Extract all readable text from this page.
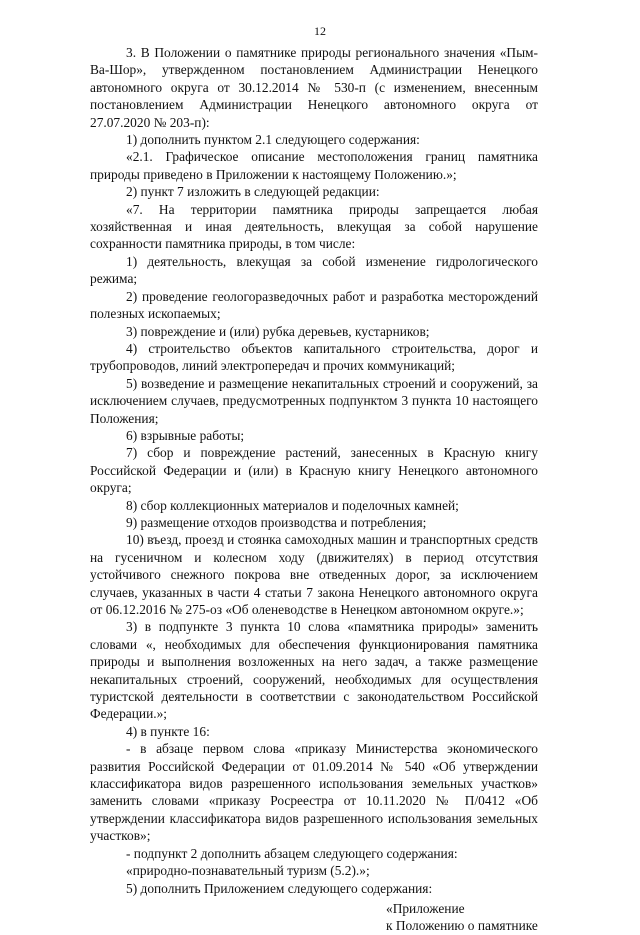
12

3. В Положении о памятнике природы регионального значения «Пым-Ва-Шор», утвержденном постановлением Администрации Ненецкого автономного округа от 30.12.2014 № 530-п (с изменением, внесенным постановлением Администрации Ненецкого автономного округа от 27.07.2020 № 203-п):

1) дополнить пунктом 2.1 следующего содержания:

«2.1. Графическое описание местоположения границ памятника природы приведено в Приложении к настоящему Положению.»;

2) пункт 7 изложить в следующей редакции:

«7. На территории памятника природы запрещается любая хозяйственная и иная деятельность, влекущая за собой нарушение сохранности памятника природы, в том числе:

1) деятельность, влекущая за собой изменение гидрологического режима;

2) проведение геологоразведочных работ и разработка месторождений полезных ископаемых;

3) повреждение и (или) рубка деревьев, кустарников;

4) строительство объектов капитального строительства, дорог и трубопроводов, линий электропередач и прочих коммуникаций;

5) возведение и размещение некапитальных строений и сооружений, за исключением случаев, предусмотренных подпунктом 3 пункта 10 настоящего Положения;

6) взрывные работы;

7) сбор и повреждение растений, занесенных в Красную книгу Российской Федерации и (или) в Красную книгу Ненецкого автономного округа;

8) сбор коллекционных материалов и поделочных камней;

9) размещение отходов производства и потребления;

10) въезд, проезд и стоянка самоходных машин и транспортных средств на гусеничном и колесном ходу (движителях) в период отсутствия устойчивого снежного покрова вне отведенных дорог, за исключением случаев, указанных в части 4 статьи 7 закона Ненецкого автономного округа от 06.12.2016 № 275-оз «Об оленеводстве в Ненецком автономном округе.»;

3) в подпункте 3 пункта 10 слова «памятника природы» заменить словами «, необходимых для обеспечения функционирования памятника природы и выполнения возложенных на него задач, а также размещение некапитальных строений, сооружений, необходимых для осуществления туристской деятельности в соответствии с законодательством Российской Федерации.»;

4) в пункте 16:

- в абзаце первом слова «приказу Министерства экономического развития Российской Федерации от 01.09.2014 № 540 «Об утверждении классификатора видов разрешенного использования земельных участков» заменить словами «приказу Росреестра от 10.11.2020 № П/0412 «Об утверждении классификатора видов разрешенного использования земельных участков»;

- подпункт 2 дополнить абзацем следующего содержания:

«природно-познавательный туризм (5.2).»;

5) дополнить Приложением следующего содержания:

«Приложение

к Положению о памятнике
